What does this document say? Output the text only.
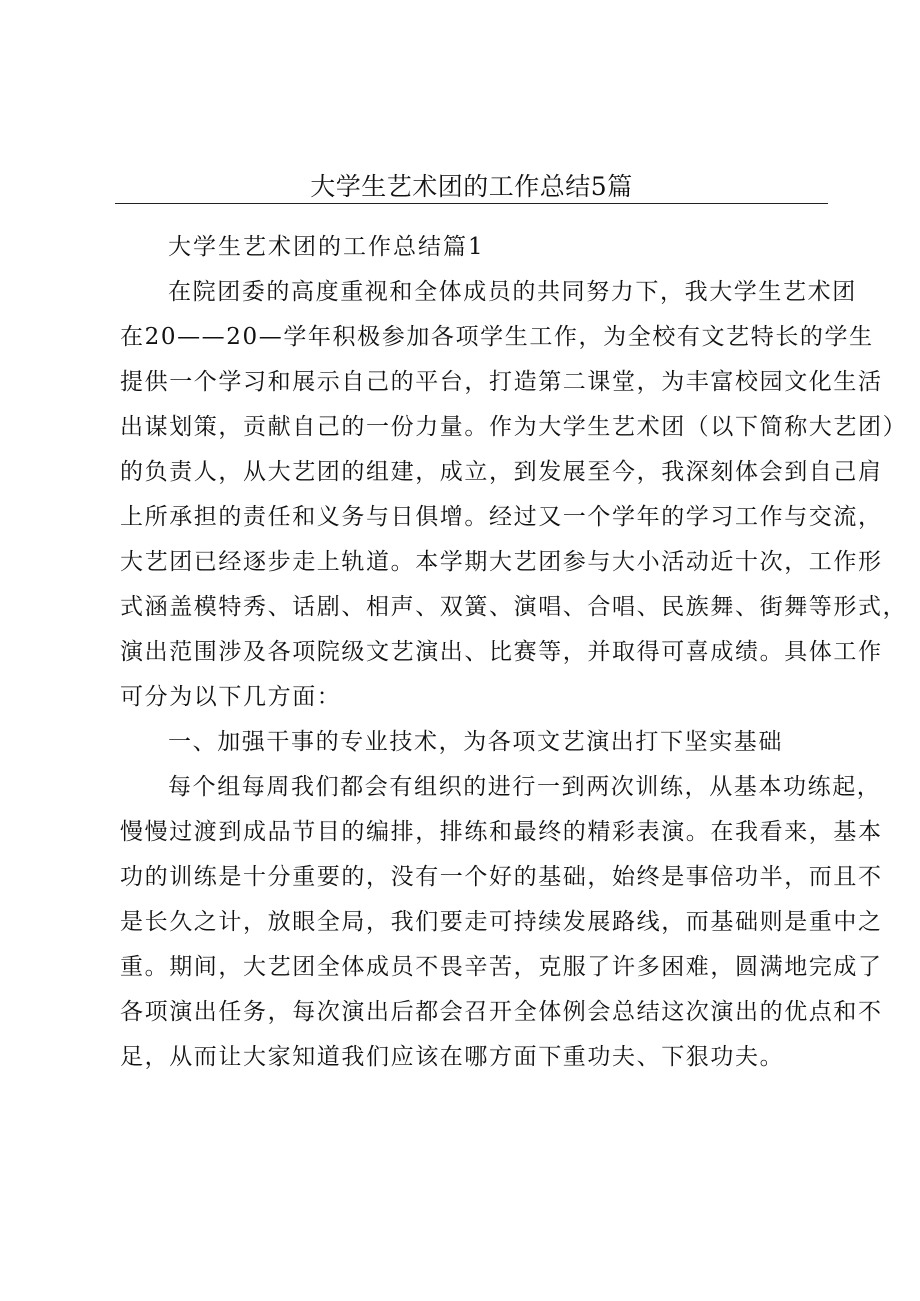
大学生艺术团的工作总结5篇
大学生艺术团的工作总结篇1

在院团委的高度重视和全体成员的共同努力下，我大学生艺术团
在20——20—学年积极参加各项学生工作，为全校有文艺特长的学生
提供一个学习和展示自己的平台，打造第二课堂，为丰富校园文化生活
出谋划策，贡献自己的一份力量。作为大学生艺术团（以下简称大艺团）
的负责人，从大艺团的组建，成立，到发展至今，我深刻体会到自己肩
上所承担的责任和义务与日俱增。经过又一个学年的学习工作与交流，
大艺团已经逐步走上轨道。本学期大艺团参与大小活动近十次，工作形
式涵盖模特秀、话剧、相声、双簧、演唱、合唱、民族舞、街舞等形式，
演出范围涉及各项院级文艺演出、比赛等，并取得可喜成绩。具体工作
可分为以下几方面：

一、加强干事的专业技术，为各项文艺演出打下坚实基础

每个组每周我们都会有组织的进行一到两次训练，从基本功练起，
慢慢过渡到成品节目的编排，排练和最终的精彩表演。在我看来，基本
功的训练是十分重要的，没有一个好的基础，始终是事倍功半，而且不
是长久之计，放眼全局，我们要走可持续发展路线，而基础则是重中之
重。期间，大艺团全体成员不畏辛苦，克服了许多困难，圆满地完成了
各项演出任务，每次演出后都会召开全体例会总结这次演出的优点和不
足，从而让大家知道我们应该在哪方面下重功夫、下狠功夫。
